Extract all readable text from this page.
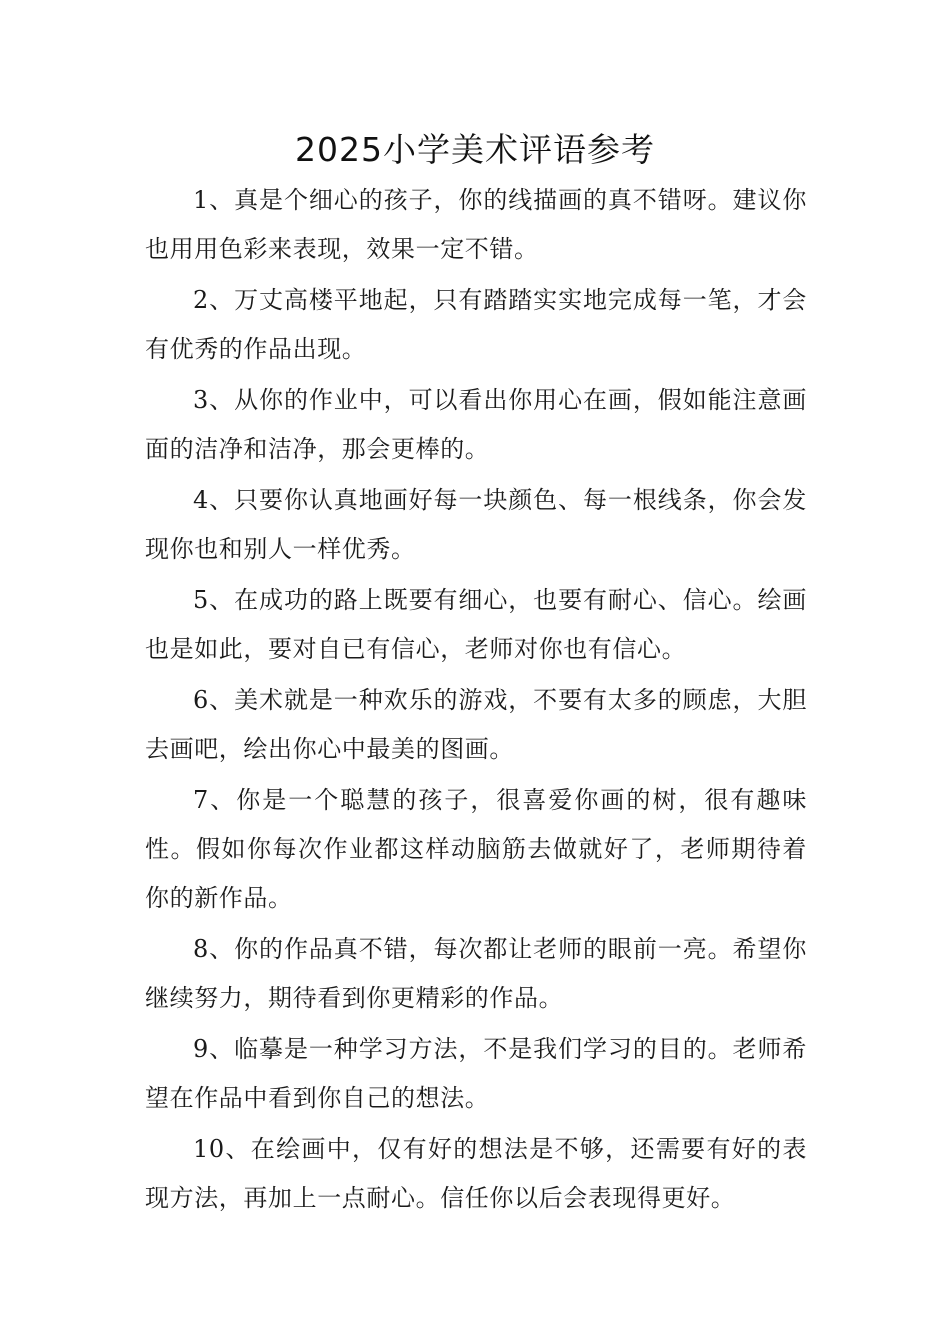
2025小学美术评语参考

1、真是个细心的孩子，你的线描画的真不错呀。建议你也用用色彩来表现，效果一定不错。

2、万丈高楼平地起，只有踏踏实实地完成每一笔，才会有优秀的作品出现。

3、从你的作业中，可以看出你用心在画，假如能注意画面的洁净和洁净，那会更棒的。

4、只要你认真地画好每一块颜色、每一根线条，你会发现你也和别人一样优秀。

5、在成功的路上既要有细心，也要有耐心、信心。绘画也是如此，要对自已有信心，老师对你也有信心。

6、美术就是一种欢乐的游戏，不要有太多的顾虑，大胆去画吧，绘出你心中最美的图画。

7、你是一个聪慧的孩子，很喜爱你画的树，很有趣味性。假如你每次作业都这样动脑筋去做就好了，老师期待着你的新作品。

8、你的作品真不错，每次都让老师的眼前一亮。希望你继续努力，期待看到你更精彩的作品。

9、临摹是一种学习方法，不是我们学习的目的。老师希望在作品中看到你自己的想法。

10、在绘画中，仅有好的想法是不够，还需要有好的表现方法，再加上一点耐心。信任你以后会表现得更好。
